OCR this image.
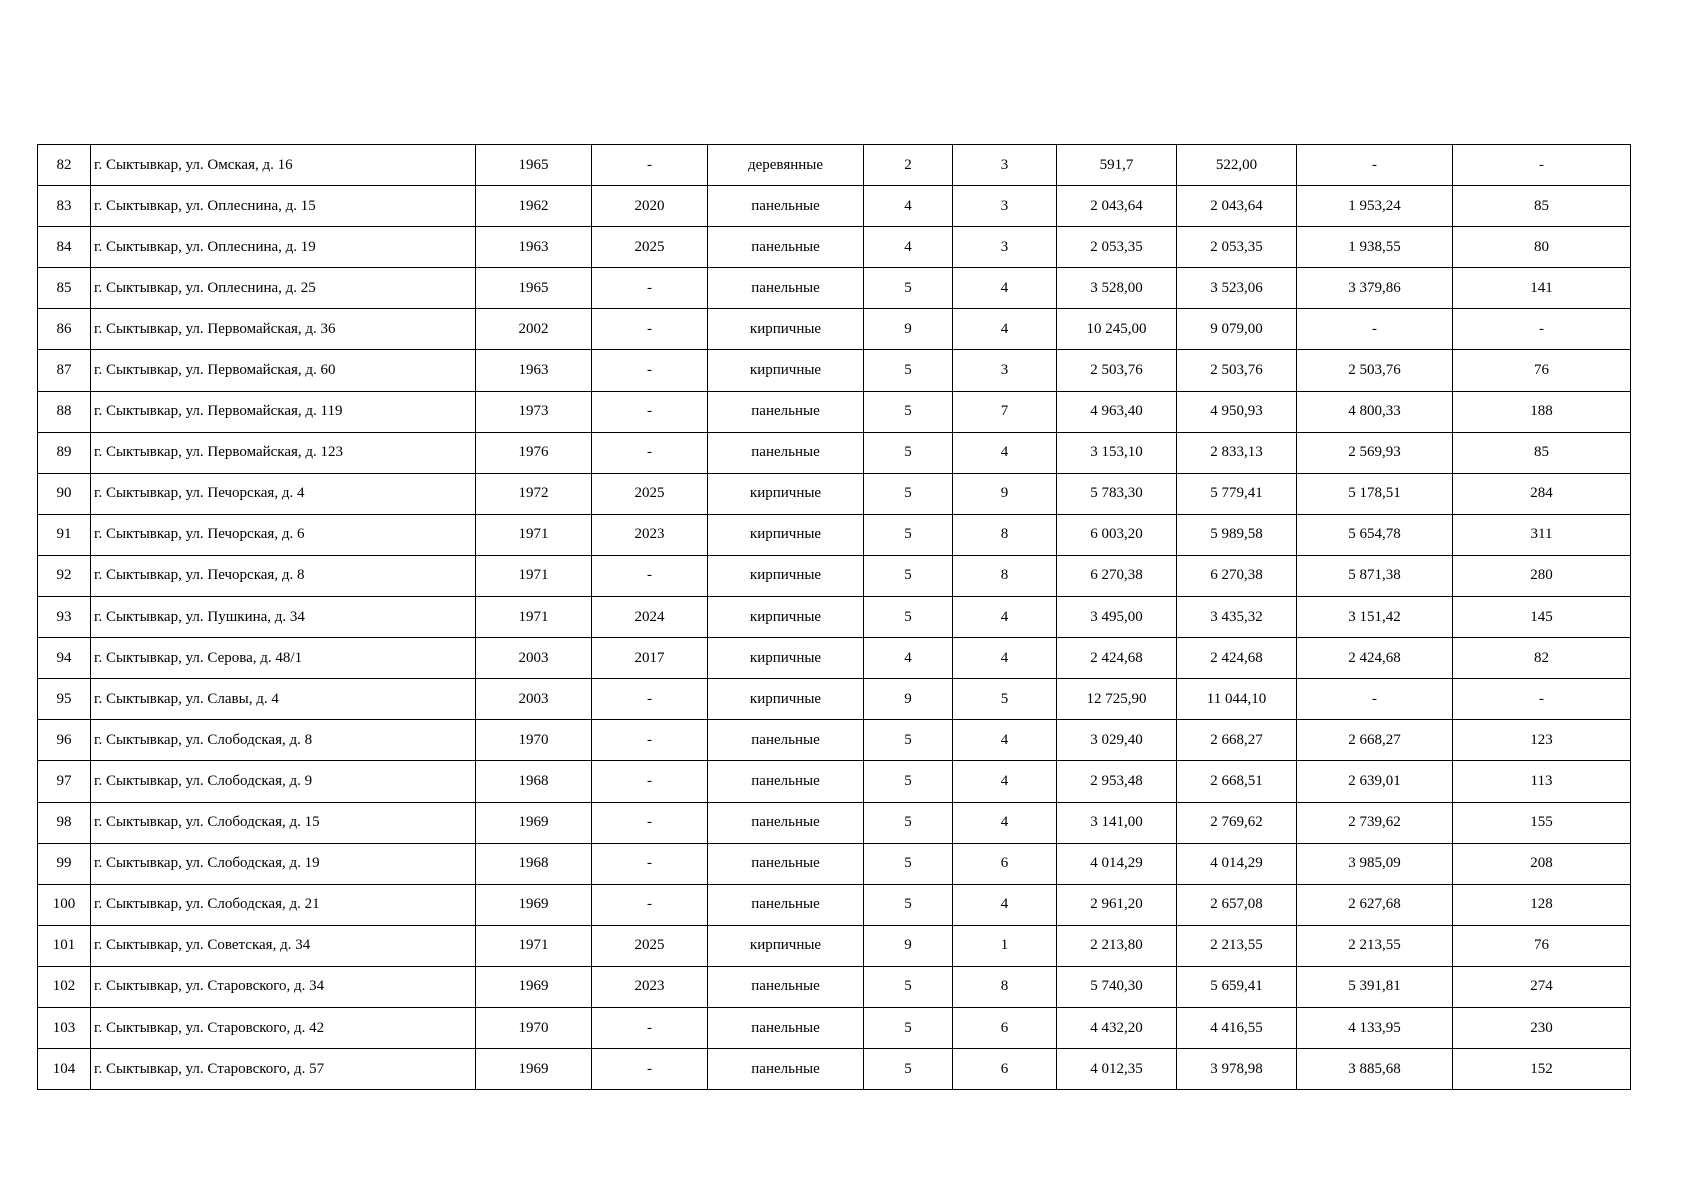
82	г. Сыктывкар, ул. Омская, д. 16	1965	-	деревянные	2	3	591,7	522,00	-	-
83	г. Сыктывкар, ул. Оплеснина, д. 15	1962	2020	панельные	4	3	2 043,64	2 043,64	1 953,24	85
84	г. Сыктывкар, ул. Оплеснина, д. 19	1963	2025	панельные	4	3	2 053,35	2 053,35	1 938,55	80
85	г. Сыктывкар, ул. Оплеснина, д. 25	1965	-	панельные	5	4	3 528,00	3 523,06	3 379,86	141
86	г. Сыктывкар, ул. Первомайская, д. 36	2002	-	кирпичные	9	4	10 245,00	9 079,00	-	-
87	г. Сыктывкар, ул. Первомайская, д. 60	1963	-	кирпичные	5	3	2 503,76	2 503,76	2 503,76	76
88	г. Сыктывкар, ул. Первомайская, д. 119	1973	-	панельные	5	7	4 963,40	4 950,93	4 800,33	188
89	г. Сыктывкар, ул. Первомайская, д. 123	1976	-	панельные	5	4	3 153,10	2 833,13	2 569,93	85
90	г. Сыктывкар, ул. Печорская, д. 4	1972	2025	кирпичные	5	9	5 783,30	5 779,41	5 178,51	284
91	г. Сыктывкар, ул. Печорская, д. 6	1971	2023	кирпичные	5	8	6 003,20	5 989,58	5 654,78	311
92	г. Сыктывкар, ул. Печорская, д. 8	1971	-	кирпичные	5	8	6 270,38	6 270,38	5 871,38	280
93	г. Сыктывкар, ул. Пушкина, д. 34	1971	2024	кирпичные	5	4	3 495,00	3 435,32	3 151,42	145
94	г. Сыктывкар, ул. Серова, д. 48/1	2003	2017	кирпичные	4	4	2 424,68	2 424,68	2 424,68	82
95	г. Сыктывкар, ул. Славы, д. 4	2003	-	кирпичные	9	5	12 725,90	11 044,10	-	-
96	г. Сыктывкар, ул. Слободская, д. 8	1970	-	панельные	5	4	3 029,40	2 668,27	2 668,27	123
97	г. Сыктывкар, ул. Слободская, д. 9	1968	-	панельные	5	4	2 953,48	2 668,51	2 639,01	113
98	г. Сыктывкар, ул. Слободская, д. 15	1969	-	панельные	5	4	3 141,00	2 769,62	2 739,62	155
99	г. Сыктывкар, ул. Слободская, д. 19	1968	-	панельные	5	6	4 014,29	4 014,29	3 985,09	208
100	г. Сыктывкар, ул. Слободская, д. 21	1969	-	панельные	5	4	2 961,20	2 657,08	2 627,68	128
101	г. Сыктывкар, ул. Советская, д. 34	1971	2025	кирпичные	9	1	2 213,80	2 213,55	2 213,55	76
102	г. Сыктывкар, ул. Старовского, д. 34	1969	2023	панельные	5	8	5 740,30	5 659,41	5 391,81	274
103	г. Сыктывкар, ул. Старовского, д. 42	1970	-	панельные	5	6	4 432,20	4 416,55	4 133,95	230
104	г. Сыктывкар, ул. Старовского, д. 57	1969	-	панельные	5	6	4 012,35	3 978,98	3 885,68	152
